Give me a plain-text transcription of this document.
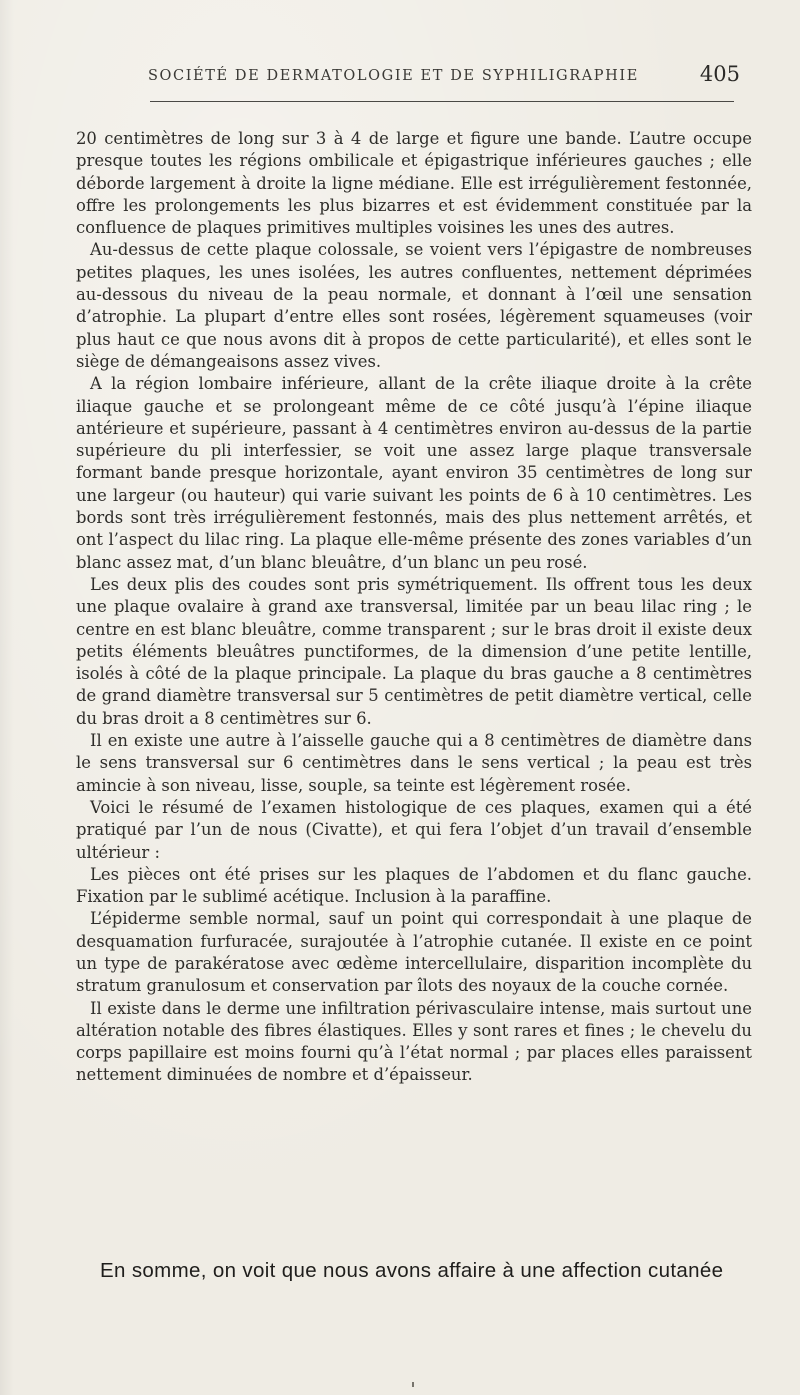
SOCIÉTÉ DE DERMATOLOGIE ET DE SYPHILIGRAPHIE	405

20 centimètres de long sur 3 à 4 de large et figure une bande. L’autre occupe presque toutes les régions ombilicale et épigastrique inférieures gauches ; elle déborde largement à droite la ligne médiane. Elle est irrégulièrement festonnée, offre les prolongements les plus bizarres et est évidemment constituée par la confluence de plaques primitives multiples voisines les unes des autres.

Au-dessus de cette plaque colossale, se voient vers l’épigastre de nombreuses petites plaques, les unes isolées, les autres confluentes, nettement déprimées au-dessous du niveau de la peau normale, et donnant à l’œil une sensation d’atrophie. La plupart d’entre elles sont rosées, légèrement squameuses (voir plus haut ce que nous avons dit à propos de cette particularité), et elles sont le siège de démangeaisons assez vives.

A la région lombaire inférieure, allant de la crête iliaque droite à la crête iliaque gauche et se prolongeant même de ce côté jusqu’à l’épine iliaque antérieure et supérieure, passant à 4 centimètres environ au-dessus de la partie supérieure du pli interfessier, se voit une assez large plaque transversale formant bande presque horizontale, ayant environ 35 centimètres de long sur une largeur (ou hauteur) qui varie suivant les points de 6 à 10 centimètres. Les bords sont très irrégulièrement festonnés, mais des plus nettement arrêtés, et ont l’aspect du lilac ring. La plaque elle-même présente des zones variables d’un blanc assez mat, d’un blanc bleuâtre, d’un blanc un peu rosé.

Les deux plis des coudes sont pris symétriquement. Ils offrent tous les deux une plaque ovalaire à grand axe transversal, limitée par un beau lilac ring ; le centre en est blanc bleuâtre, comme transparent ; sur le bras droit il existe deux petits éléments bleuâtres punctiformes, de la dimension d’une petite lentille, isolés à côté de la plaque principale. La plaque du bras gauche a 8 centimètres de grand diamètre transversal sur 5 centimètres de petit diamètre vertical, celle du bras droit a 8 centimètres sur 6.

Il en existe une autre à l’aisselle gauche qui a 8 centimètres de diamètre dans le sens transversal sur 6 centimètres dans le sens vertical ; la peau est très amincie à son niveau, lisse, souple, sa teinte est légèrement rosée.

Voici le résumé de l’examen histologique de ces plaques, examen qui a été pratiqué par l’un de nous (Civatte), et qui fera l’objet d’un travail d’ensemble ultérieur :

Les pièces ont été prises sur les plaques de l’abdomen et du flanc gauche. Fixation par le sublimé acétique. Inclusion à la paraffine.

L’épiderme semble normal, sauf un point qui correspondait à une plaque de desquamation furfuracée, surajoutée à l’atrophie cutanée. Il existe en ce point un type de parakératose avec œdème intercellulaire, disparition incomplète du stratum granulosum et conservation par îlots des noyaux de la couche cornée.

Il existe dans le derme une infiltration périvasculaire intense, mais surtout une altération notable des fibres élastiques. Elles y sont rares et fines ; le chevelu du corps papillaire est moins fourni qu’à l’état normal ; par places elles paraissent nettement diminuées de nombre et d’épaisseur.

En somme, on voit que nous avons affaire à une affection cutanée
